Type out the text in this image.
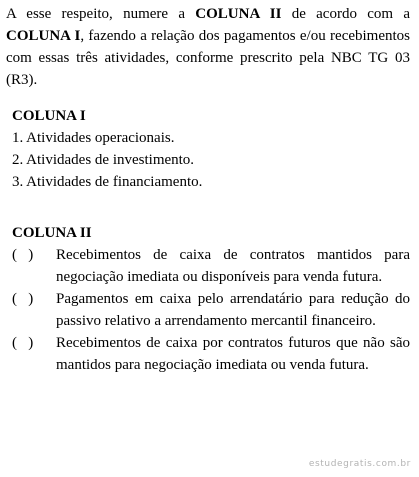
A esse respeito, numere a COLUNA II de acordo com a COLUNA I, fazendo a relação dos pagamentos e/ou recebimentos com essas três atividades, conforme prescrito pela NBC TG 03 (R3).
COLUNA I
1. Atividades operacionais.
2. Atividades de investimento.
3. Atividades de financiamento.
COLUNA II
(   )	Recebimentos de caixa de contratos mantidos para negociação imediata ou disponíveis para venda futura.
(   )	Pagamentos em caixa pelo arrendatário para redução do passivo relativo a arrendamento mercantil financeiro.
(   )	Recebimentos de caixa por contratos futuros que não são mantidos para negociação imediata ou venda futura.
estudegratis.com.br
